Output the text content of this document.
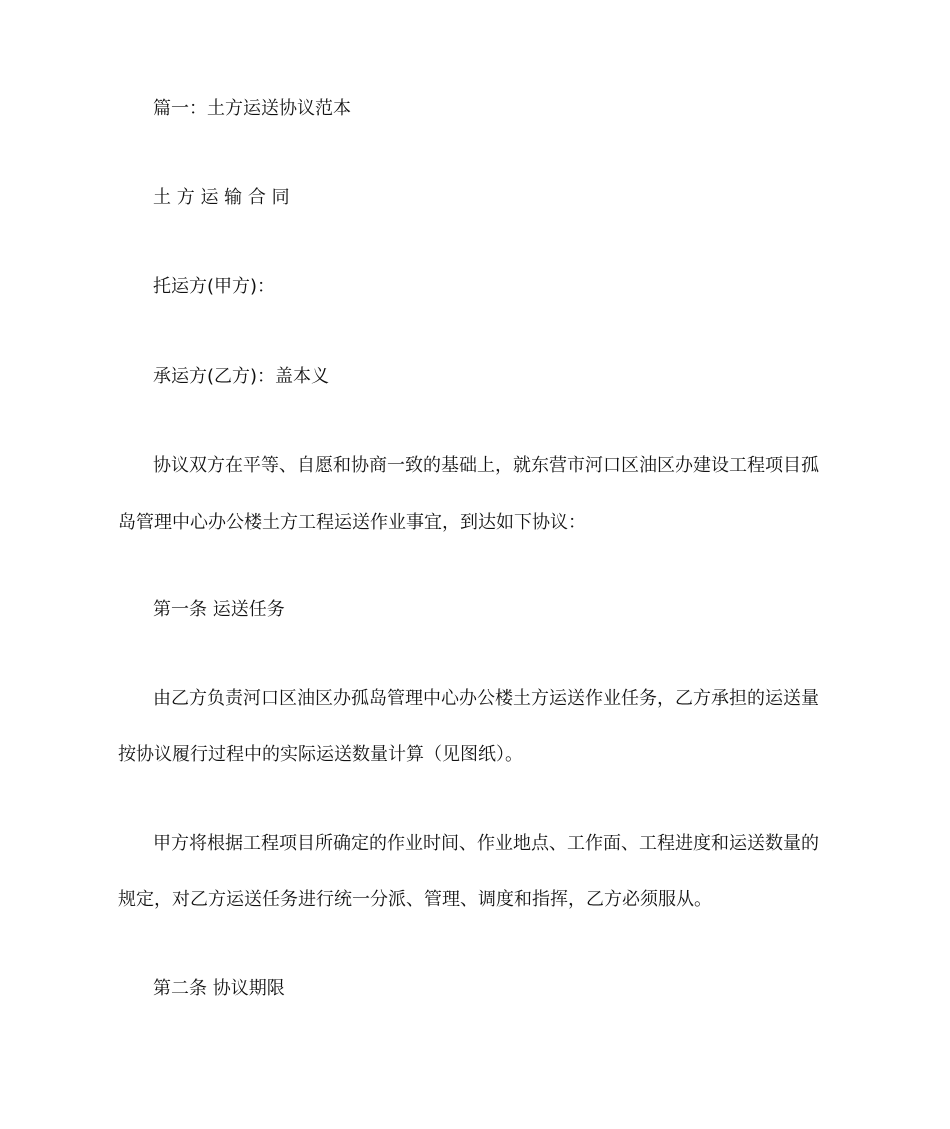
篇一：土方运送协议范本

土 方 运 输 合 同

托运方(甲方)：

承运方(乙方)：盖本义

协议双方在平等、自愿和协商一致的基础上，就东营市河口区油区办建设工程项目孤

岛管理中心办公楼土方工程运送作业事宜，到达如下协议：

第一条 运送任务

由乙方负责河口区油区办孤岛管理中心办公楼土方运送作业任务，乙方承担的运送量

按协议履行过程中的实际运送数量计算（见图纸）。

甲方将根据工程项目所确定的作业时间、作业地点、工作面、工程进度和运送数量的

规定，对乙方运送任务进行统一分派、管理、调度和指挥，乙方必须服从。

第二条 协议期限
